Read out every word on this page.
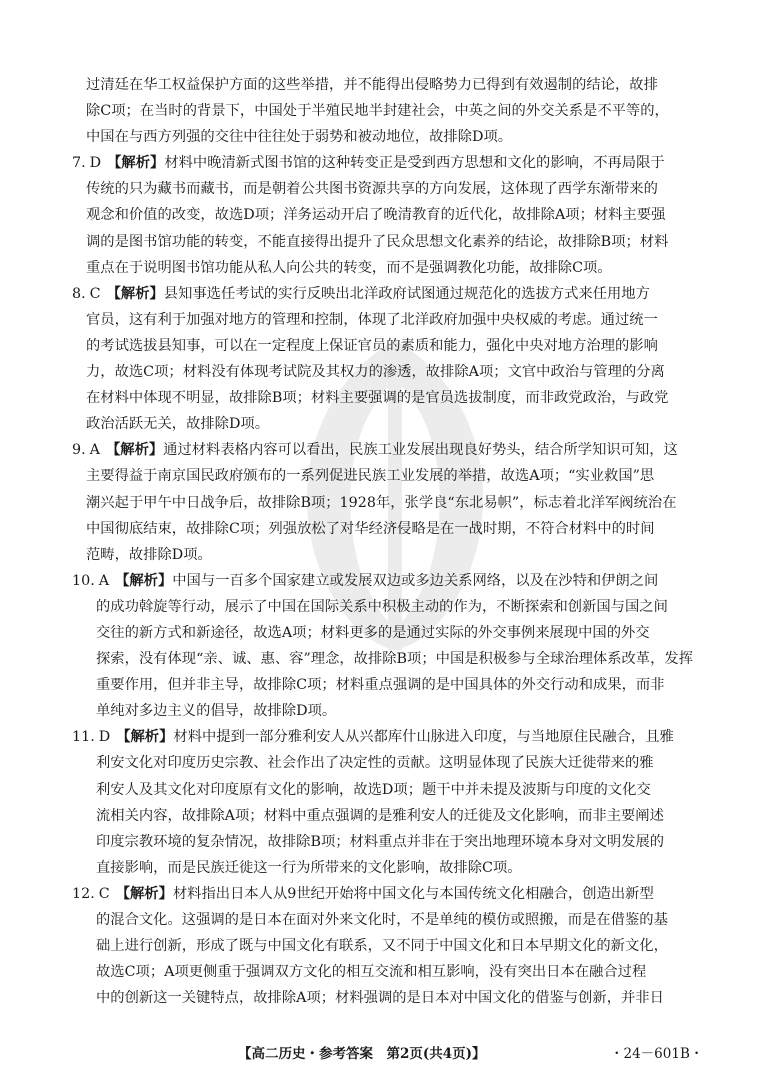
过清廷在华工权益保护方面的这些举措，并不能得出侵略势力已得到有效遏制的结论，故排
除C项；在当时的背景下，中国处于半殖民地半封建社会，中英之间的外交关系是不平等的，
中国在与西方列强的交往中往往处于弱势和被动地位，故排除D项。
7. D 【解析】材料中晚清新式图书馆的这种转变正是受到西方思想和文化的影响，不再局限于
传统的只为藏书而藏书，而是朝着公共图书资源共享的方向发展，这体现了西学东渐带来的
观念和价值的改变，故选D项；洋务运动开启了晚清教育的近代化，故排除A项；材料主要强
调的是图书馆功能的转变，不能直接得出提升了民众思想文化素养的结论，故排除B项；材料
重点在于说明图书馆功能从私人向公共的转变，而不是强调教化功能，故排除C项。
8. C 【解析】县知事选任考试的实行反映出北洋政府试图通过规范化的选拔方式来任用地方
官员，这有利于加强对地方的管理和控制，体现了北洋政府加强中央权威的考虑。通过统一
的考试选拔县知事，可以在一定程度上保证官员的素质和能力，强化中央对地方治理的影响
力，故选C项；材料没有体现考试院及其权力的渗透，故排除A项；文官中政治与管理的分离
在材料中体现不明显，故排除B项；材料主要强调的是官员选拔制度，而非政党政治，与政党
政治活跃无关，故排除D项。
9. A 【解析】通过材料表格内容可以看出，民族工业发展出现良好势头，结合所学知识可知，这
主要得益于南京国民政府颁布的一系列促进民族工业发展的举措，故选A项；“实业救国”思
潮兴起于甲午中日战争后，故排除B项；1928年，张学良“东北易帜”，标志着北洋军阀统治在
中国彻底结束，故排除C项；列强放松了对华经济侵略是在一战时期，不符合材料中的时间
范畴，故排除D项。
10. A 【解析】中国与一百多个国家建立或发展双边或多边关系网络，以及在沙特和伊朗之间
的成功斡旋等行动，展示了中国在国际关系中积极主动的作为，不断探索和创新国与国之间
交往的新方式和新途径，故选A项；材料更多的是通过实际的外交事例来展现中国的外交
探索，没有体现“亲、诚、惠、容”理念，故排除B项；中国是积极参与全球治理体系改革，发挥
重要作用，但并非主导，故排除C项；材料重点强调的是中国具体的外交行动和成果，而非
单纯对多边主义的倡导，故排除D项。
11. D 【解析】材料中提到一部分雅利安人从兴都库什山脉进入印度，与当地原住民融合，且雅
利安文化对印度历史宗教、社会作出了决定性的贡献。这明显体现了民族大迁徙带来的雅
利安人及其文化对印度原有文化的影响，故选D项；题干中并未提及波斯与印度的文化交
流相关内容，故排除A项；材料中重点强调的是雅利安人的迁徙及文化影响，而非主要阐述
印度宗教环境的复杂情况，故排除B项；材料重点并非在于突出地理环境本身对文明发展的
直接影响，而是民族迁徙这一行为所带来的文化影响，故排除C项。
12. C 【解析】材料指出日本人从9世纪开始将中国文化与本国传统文化相融合，创造出新型
的混合文化。这强调的是日本在面对外来文化时，不是单纯的模仿或照搬，而是在借鉴的基
础上进行创新，形成了既与中国文化有联系，又不同于中国文化和日本早期文化的新文化，
故选C项；A项更侧重于强调双方文化的相互交流和相互影响，没有突出日本在融合过程
中的创新这一关键特点，故排除A项；材料强调的是日本对中国文化的借鉴与创新，并非日
【高二历史・参考答案　第2页(共4页)】	・24－601B・
